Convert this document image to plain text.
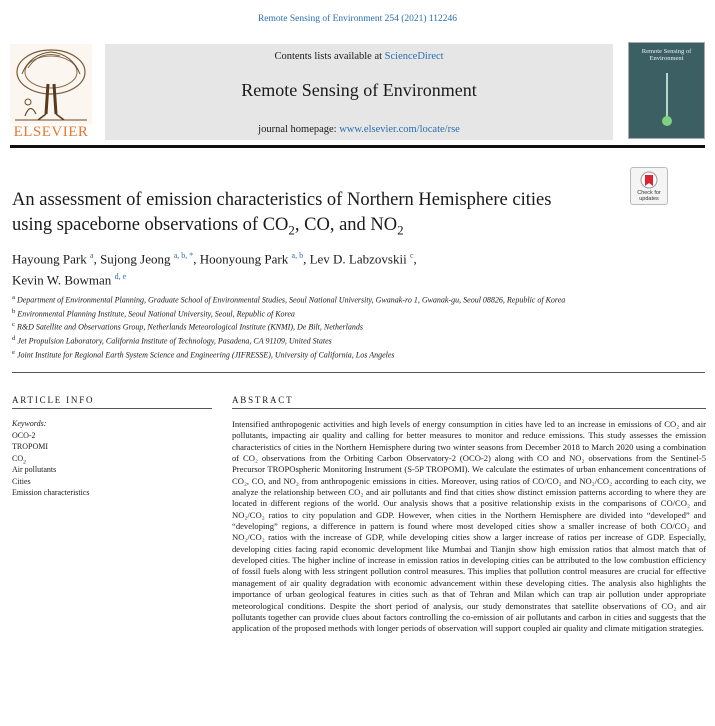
Remote Sensing of Environment 254 (2021) 112246
ELSEVIER
Contents lists available at ScienceDirect
Remote Sensing of Environment
journal homepage: www.elsevier.com/locate/rse
Remote Sensing of Environment
Check for updates
An assessment of emission characteristics of Northern Hemisphere cities
using spaceborne observations of $CO_2$, CO, and $NO_2$
Hayoung Park $^a$, Sujong Jeong $^{a, b, *}$, Hoonyoung Park $^{a, b}$, Lev D. Labzovskii $^c$,
Kevin W. Bowman $^{d, e}$
$^a$ Department of Environmental Planning, Graduate School of Environmental Studies, Seoul National University, Gwanak-ro 1, Gwanak-gu, Seoul 08826, Republic of Korea
$^b$ Environmental Planning Institute, Seoul National University, Seoul, Republic of Korea
$^c$ R&D Satellite and Observations Group, Netherlands Meteorological Institute (KNMI), De Bilt, Netherlands
$^d$ Jet Propulsion Laboratory, California Institute of Technology, Pasadena, CA 91109, United States
$^e$ Joint Institute for Regional Earth System Science and Engineering (JIFRESSE), University of California, Los Angeles
ARTICLE INFO
Keywords:
OCO-2
TROPOMI
$CO_2$
Air pollutants
Cities
Emission characteristics
ABSTRACT
Intensified anthropogenic activities and high levels of energy consumption in cities have led to an increase in emissions of CO₂ and air pollutants, impacting air quality and calling for better measures to monitor and reduce emissions. This study assesses the emission characteristics of cities in the Northern Hemisphere during two winter seasons from December 2018 to March 2020 using a combination of CO₂ observations from the Orbiting Carbon Observatory-2 (OCO-2) along with CO and NO₂ observations from the Sentinel-5 Precursor TROPOspheric Monitoring Instrument (S-5P TROPOMI). We calculate the estimates of urban enhancement concentrations of CO₂, CO, and NO₂ from anthropogenic emissions in cities. Moreover, using ratios of CO/CO₂ and NO₂/CO₂ according to each city, we analyze the relationship between CO₂ and air pollutants and find that cities show distinct emission patterns according to where they are located in different regions of the world. Our analysis shows that a positive relationship exists in the comparisons of CO/CO₂ and NO₂/CO₂ ratios to city population and GDP. However, when cities in the Northern Hemisphere are divided into “developed” and “developing” regions, a difference in pattern is found where most developed cities show a smaller increase of both CO/CO₂ and NO₂/CO₂ ratios with the increase of GDP, while developing cities show a larger increase of ratios per increase of GDP. Especially, developing cities facing rapid economic development like Mumbai and Tianjin show high emission ratios that almost match that of developed cities. The higher incline of increase in emission ratios in developing cities can be attributed to the low combustion efficiency of fossil fuels along with less stringent pollution control measures. This implies that pollution control measures are crucial for effective management of air quality degradation with economic advancement within these developing cities. The analysis also highlights the importance of urban geological features in cities such as that of Tehran and Milan which can trap air pollution under appropriate meteorological conditions. Despite the short period of analysis, our study demonstrates that satellite observations of CO₂ and air pollutants together can provide clues about factors controlling the co-emission of air pollutants and carbon in cities and suggests that the application of the proposed methods with longer periods of observation will support coupled air quality and climate mitigation strategies.
